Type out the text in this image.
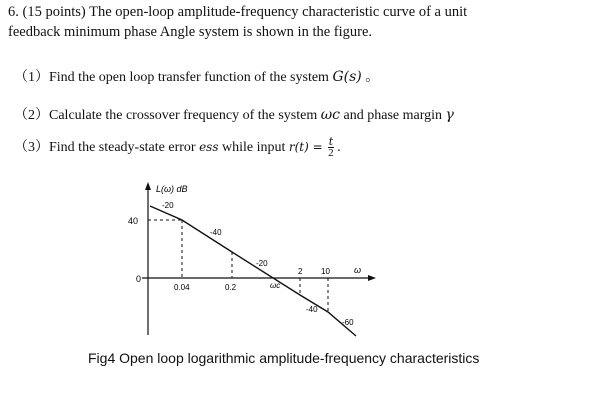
6. (15 points) The open-loop amplitude-frequency characteristic curve of a unit
feedback minimum phase Angle system is shown in the figure.
（1）Find the open loop transfer function of the system G(s) 。
（2）Calculate the crossover frequency of the system ωc and phase margin γ
（3）Find the steady-state error ess while input $r(t) = \frac{t}{2}$ .
L(ω) dB
40
0
ω
0.04	0.2
2 10
ωc
-20
-40
-20
-40
-60
Fig4 Open loop logarithmic amplitude-frequency characteristics
